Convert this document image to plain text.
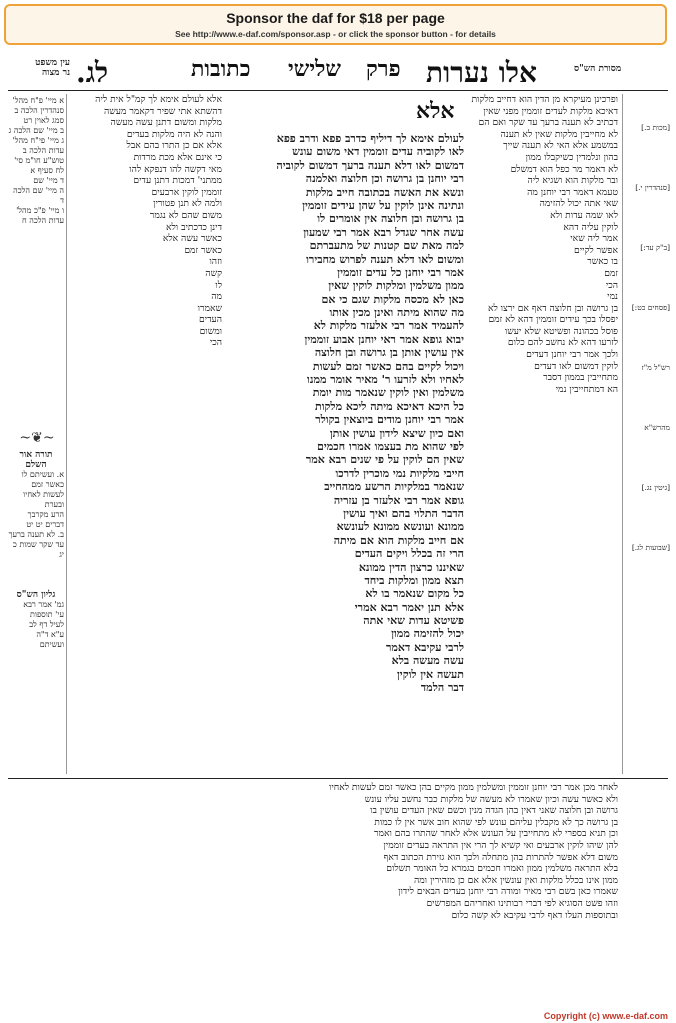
Sponsor the daf for $18 per page
See http://www.e-daf.com/sponsor.asp - or click the sponsor button - for details
עין משפט
נר מצוה לג.	כתובות שלישי פרק אלו נערות	מסורת הש"ס
א מיי' פ"ח מהל'
סנהדרין הלכה ב
סמג לאוין רט
ב מיי' שם הלכה ג
ג מיי' פי"ח מהל'
עדות הלכה ב
טוש"ע חו"מ סי'
לח סעיף א
ד מיי' שם
ה מיי' שם הלכה ד
ו מיי' פ"כ מהל'
עדות הלכה ח
~❦~
תורה אור השלם
א. ועשיתם לו כאשר זמם
לעשות לאחיו ובערת
הרע מקרבך
דברים יט יט
ב. לא תענה ברעך
עד שקר שמות כ יג
גליון הש"ס
גמ' אמר רבא
עי' תוספות
לעיל דף לב
ע"א ד"ה
ועשיתם
אלא לעולם אימא לך קמ"ל אית ליה
דהשתא אתי שפיר דקאמר מעשה
מלקות ומשום דתנן עשה מעשה
והנה לא היה מלקות בעדים
אלא אם כן התרו בהם אבל
כי אינם אלא מכת מרדות
מאי דקשה להו דנפקא להו
ממתני' דמכות דתנן עדים
זוממין לוקין ארבעים
ולמה לא תנן פטורין
משום שהם לא נגמר
דינן כדכתיב ולא
כאשר עשה אלא
כאשר זמם
וזהו
קשה
לו
מה
שאמרו
העדים
ומשום
הכי
אלא
לעולם אימא לך דיליף כדרב פפא ודרב פפא
לאו לקוביה עדים זוממין דאי משום עונש
דמשום לאו דלא תענה ברעך דמשום לקוביה
רבי יוחנן בן גרושה וכן חלוצה ואלמנה
ונשא את האשה בכתובה חייב מלקות
ונתינה אינן לוקין על שהן עידים זוממין
בן גרושה ובן חלוצה אין אומרים לו
עשה אחר שגדל רבא אמר רבי שמעון
למה מאת שם קטנות של מתעברתם
ומשום לאו דלא תענה לפרוש מחבירו
אמר רבי יוחנן כל עדים זוממין
ממון משלמין ומלקות לוקין שאין
כאן לא מכסה מלקות שגם כי אם
מה שהוא מיתה ואינן מכין אותו
להעמיד אמר רבי אלעזר מלקות לא
יבוא גופא אמר ראי יוחנן אבוע זוממין
אין עושין אותן בן גרושה ובן חלוצה
ויכול לקיים בהם כאשר זמם לעשות
לאחיו ולא לזרעו ר' מאיר אומר ממנו
משלמין ואין לוקין שנאמר מות יומת
כל היכא דאיכא מיתה ליכא מלקות
אמר רבי יוחנן מודים ביוצאין בקולר
ואם כיון שיצא לידון עושין אותן
לפי שהוא מת בעצמו אמרו חכמים
שאין הם לוקין על פי שנים רבא אמר
חייבי מלקיות נמי מוכרין לדרכו
שנאמר במלקיות הרשע ממהחייב
גופא אמר רבי אלעזר בן עזריה
הדבר התלוי בהם ואיך עושין
ממונא ועונשא ממונא לעונשא
אם חייב מלקות הוא אם מיתה
הרי זה בכלל ויקים העדים
שאיננו כרצון הדין ממונא
תצא ממון ומלקות ביחד
כל מקום שנאמר בו לא
אלא תנן יאמר רבא אמרי
פשיטא עדות שאי אתה
יכול להזימה ממון
לרבי עקיבא דאמר
עשה מעשה בלא
תעשה אין לוקין
דבר הלמד
ופרכינן מעיקרא מן הדין הוא דחייב מלקות
דאיכא מלקות לעדים זוממין מפני שאין
דכתיב לא תענה ברעך עד שקר ואם הם
לא מחייבין מלקות שאין לא תענה
במשמע אלא האי לא תענה שייך
בהון ונלמדין כשיקבלו ממון
לא דאמר מר כפל הוא דמשלם
ובר מלקות הוא ושגיא ליה
טעמא דאמר רבי יוחנן מה
שאי אתה יכול להזימה
לאו שמה עדות ולא
לוקין עליה דהא
אמר ליה שאי
אפשר לקיים
בו כאשר
זמם
הכי
נמי
בן גרושה ובן חלוצה דאף אם ירצו לא
יפסלו בכך עידים זוממין דהא לא זמם
פוסל בכהונה ופשיטא שלא יעשו
לזרעו דהא לא נחשב להם כלום
ולכך אמר רבי יוחנן דעדים
לוקין דמשום לאו דעדים
מתחייבין בממון דסבר
הא דמתחייבין נמי
[מכות ב.]
[סנהדרין י.]
[ב"ק עד:]
[פסחים כט:]
רש"ל מ"ז
מהרש"א
[גיטין נג.]
[שבועות לג.]
לאחר מכן אמר רבי יוחנן זוממין ומשלמין ממון מקיים בהן כאשר זמם לעשות לאחיו
ולא כאשר עשה וכיון שאמרו לא מעשה של מלקות כבר נחשב עליו עונש
גרושה ובן חלוצה שאני דאין בהן הגדה מנין וכשם שאין העדים עושין בו
בן גרושה כך לא מקבלין עליהם עונש לפי שהוא חוב אשר אין לו כמות
וכן תניא בספרי לא מתחייבין על העונש אלא לאחר שהתרו בהם ואמר
להן שיהו לוקין ארבעים ואי קשיא לך הרי אין התראה בעדים זוממין
משום דלא אפשר להתרות בהן מתחלה ולכך הוא גזירת הכתוב דאף
בלא התראה משלמין ממון ואמרו חכמים בגמרא כל האומר תשלום
ממון אינו בכלל מלקות ואין עונשין אלא אם כן מזהירין ומה
שאמרו כאן בשם רבי מאיר ומודה רבי יוחנן בעדים הבאים לידון
וזהו פשט הסוגיא לפי דברי רבותינו ואחריהם המפרשים
ובתוספות העלו דאף לרבי עקיבא לא קשה כלום
Copyright (c) www.e-daf.com
